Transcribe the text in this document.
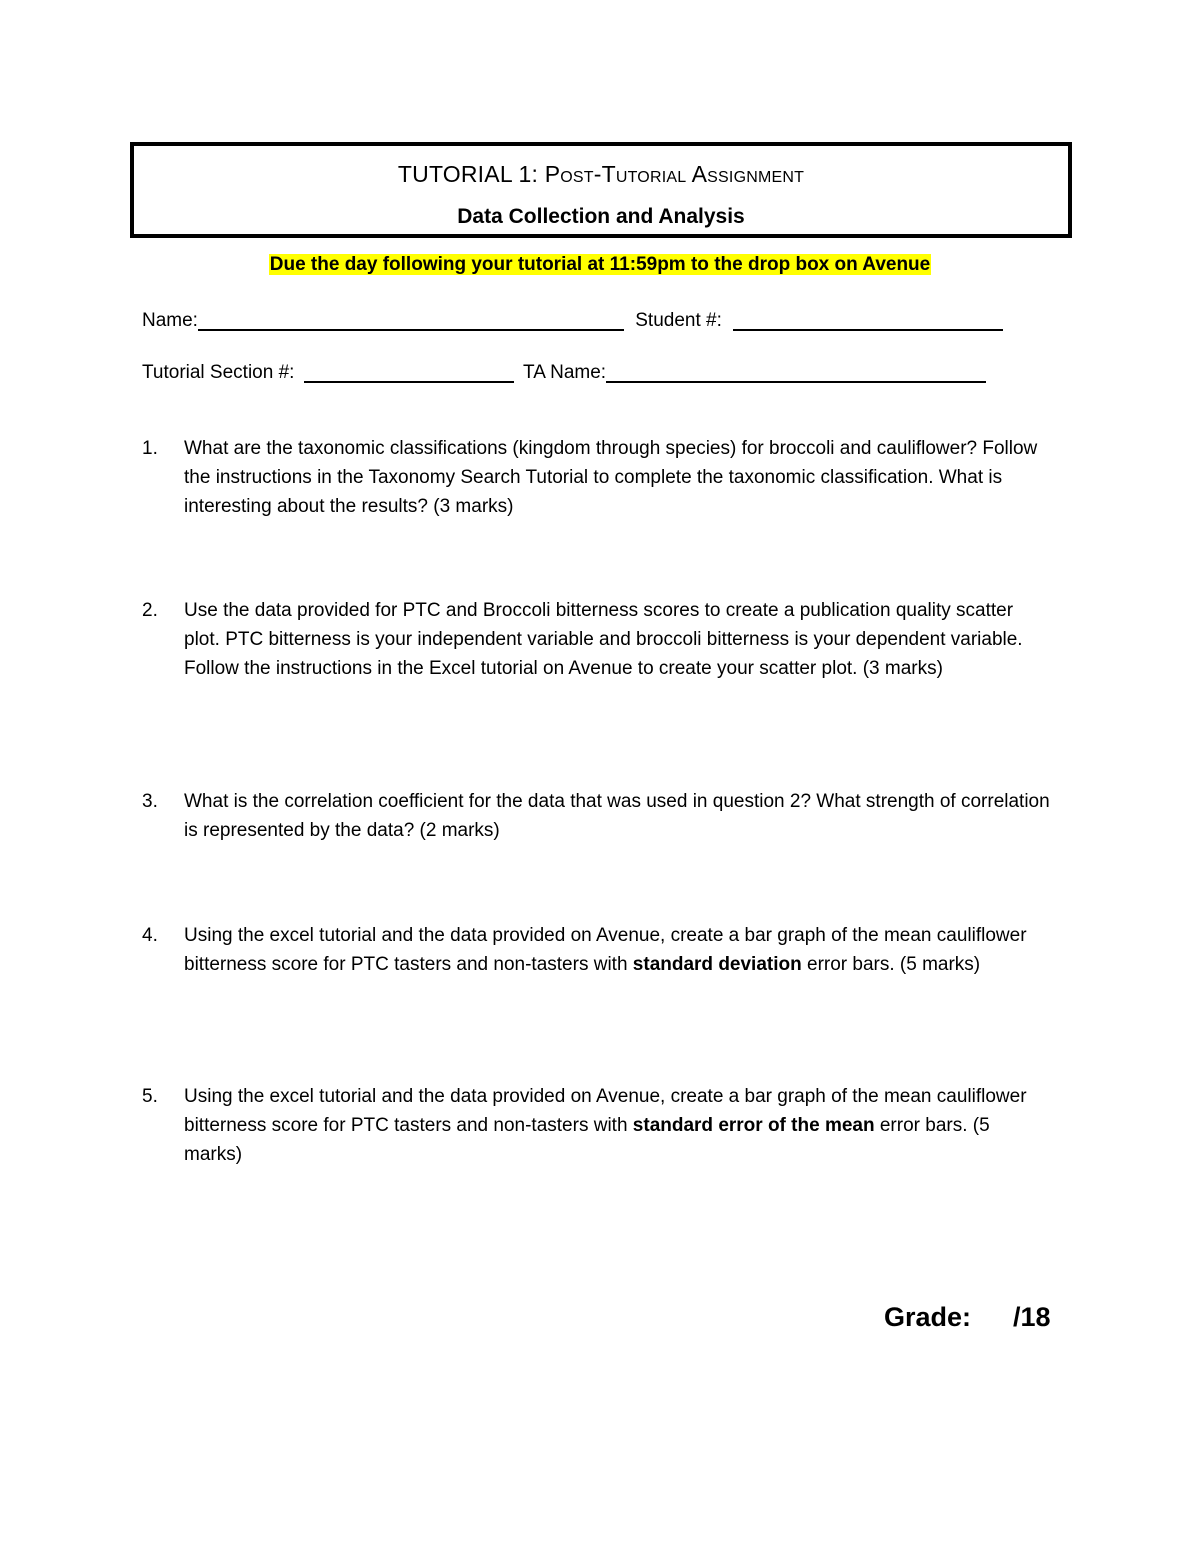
TUTORIAL 1: Post-Tutorial Assignment
Data Collection and Analysis
Due the day following your tutorial at 11:59pm to the drop box on Avenue
Name:	Student #:
Tutorial Section #:	TA Name:
1.	What are the taxonomic classifications (kingdom through species) for broccoli and cauliflower? Follow the instructions in the Taxonomy Search Tutorial to complete the taxonomic classification. What is interesting about the results? (3 marks)
2.	Use the data provided for PTC and Broccoli bitterness scores to create a publication quality scatter plot. PTC bitterness is your independent variable and broccoli bitterness is your dependent variable. Follow the instructions in the Excel tutorial on Avenue to create your scatter plot. (3 marks)
3.	What is the correlation coefficient for the data that was used in question 2? What strength of correlation is represented by the data? (2 marks)
4.	Using the excel tutorial and the data provided on Avenue, create a bar graph of the mean cauliflower bitterness score for PTC tasters and non-tasters with standard deviation error bars. (5 marks)
5.	Using the excel tutorial and the data provided on Avenue, create a bar graph of the mean cauliflower bitterness score for PTC tasters and non-tasters with standard error of the mean error bars. (5 marks)
Grade: /18
